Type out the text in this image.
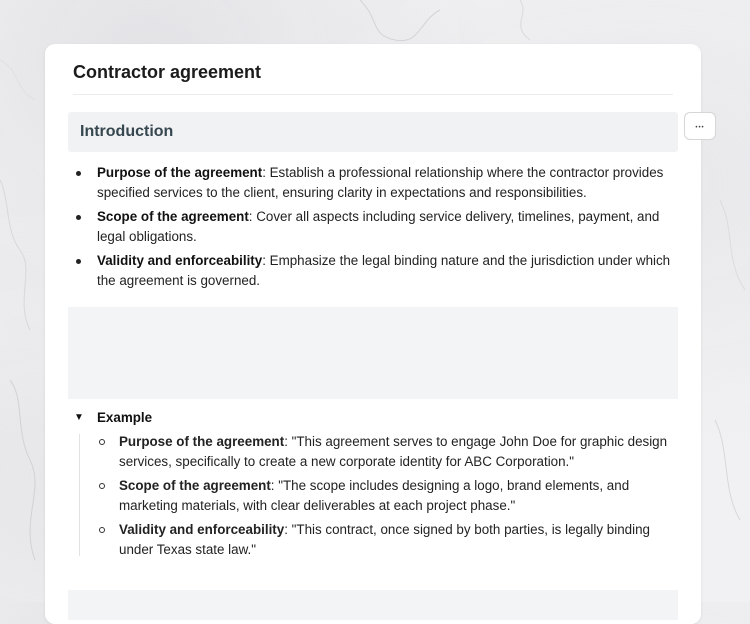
Contractor agreement
Introduction
Purpose of the agreement: Establish a professional relationship where the contractor provides specified services to the client, ensuring clarity in expectations and responsibilities.
Scope of the agreement: Cover all aspects including service delivery, timelines, payment, and legal obligations.
Validity and enforceability: Emphasize the legal binding nature and the jurisdiction under which the agreement is governed.
▼ Example
Purpose of the agreement: "This agreement serves to engage John Doe for graphic design services, specifically to create a new corporate identity for ABC Corporation."
Scope of the agreement: "The scope includes designing a logo, brand elements, and marketing materials, with clear deliverables at each project phase."
Validity and enforceability: "This contract, once signed by both parties, is legally binding under Texas state law."
•••
